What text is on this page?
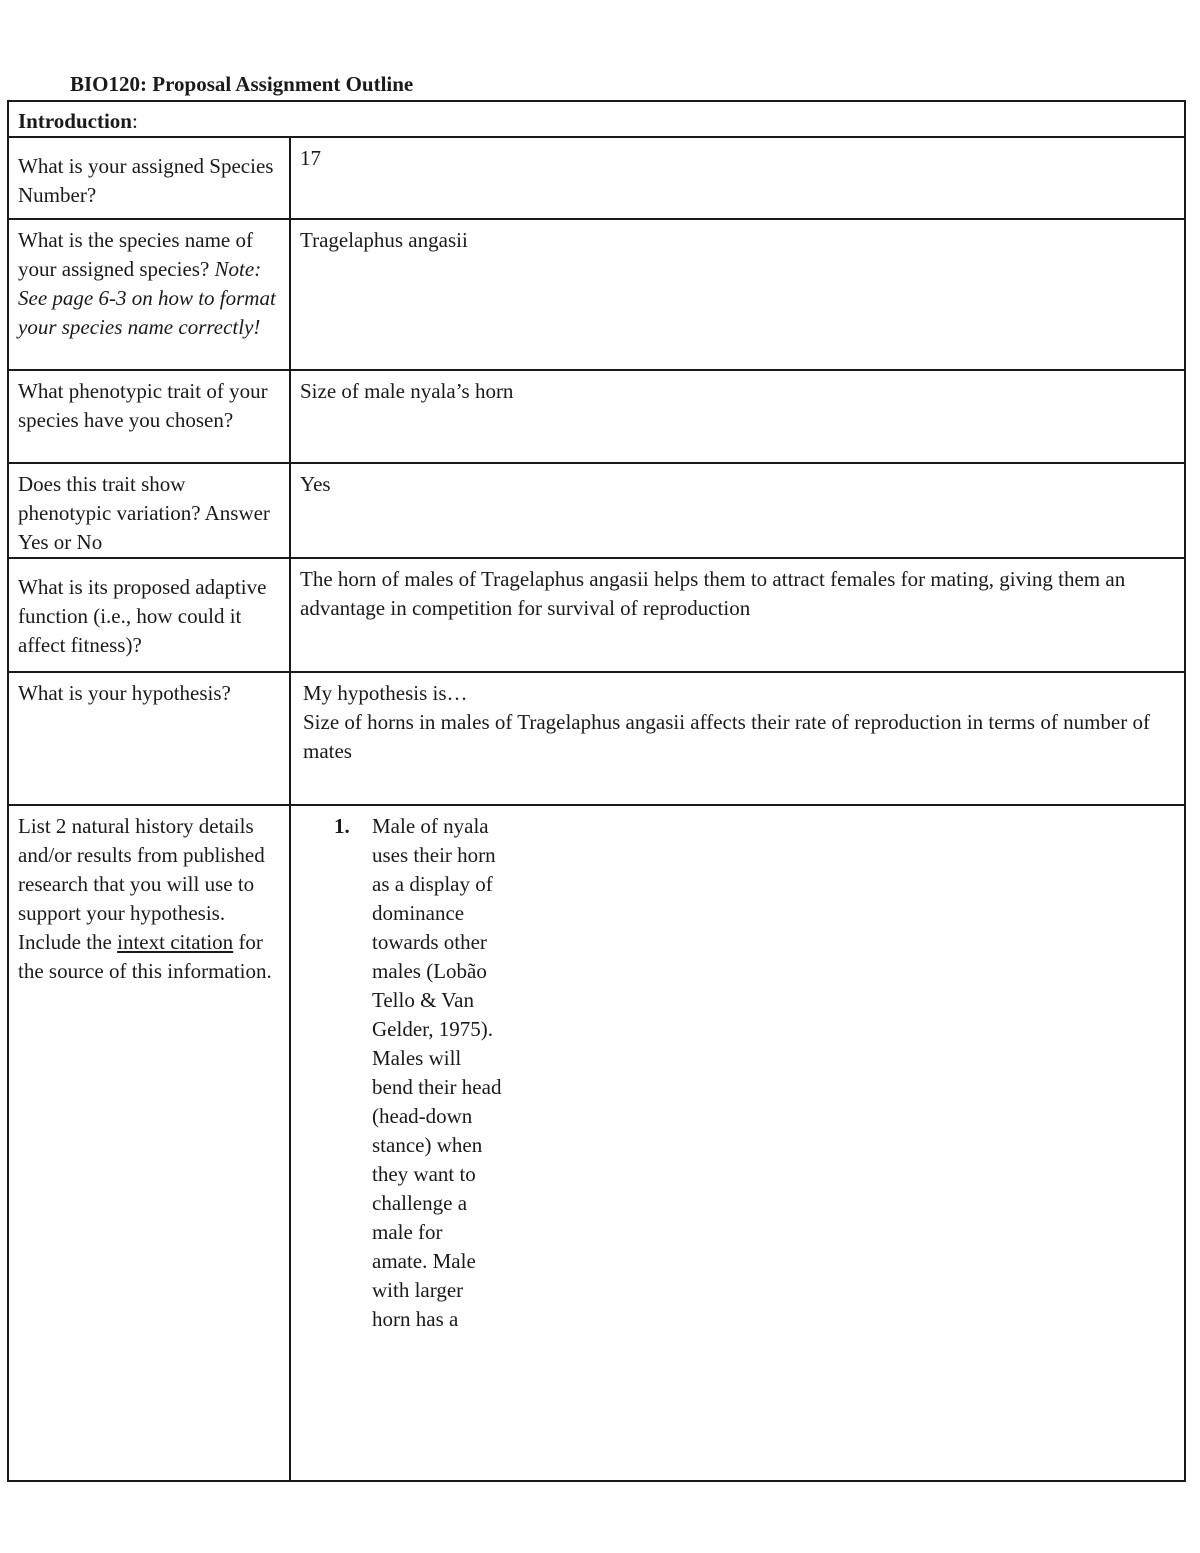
BIO120: Proposal Assignment Outline
Introduction:	
What is your assigned Species Number?	17
What is the species name of your assigned species? Note: See page 6-3 on how to format your species name correctly!	Tragelaphus angasii
What phenotypic trait of your species have you chosen?	Size of male nyala’s horn
Does this trait show phenotypic variation? Answer Yes or No	Yes
What is its proposed adaptive function (i.e., how could it affect fitness)?	The horn of males of Tragelaphus angasii helps them to attract females for mating, giving them an advantage in competition for survival of reproduction
What is your hypothesis?	My hypothesis is…
Size of horns in males of Tragelaphus angasii affects their rate of reproduction in terms of number of mates

List 2 natural history details and/or results from published research that you will use to support your hypothesis. Include the intext citation for the source of this information.	1. Male of nyala uses their horn as a display of dominance towards other males (Lobão Tello & Van Gelder, 1975). Males will bend their head (head-down stance) when they want to challenge a male for amate. Male with larger horn has a
